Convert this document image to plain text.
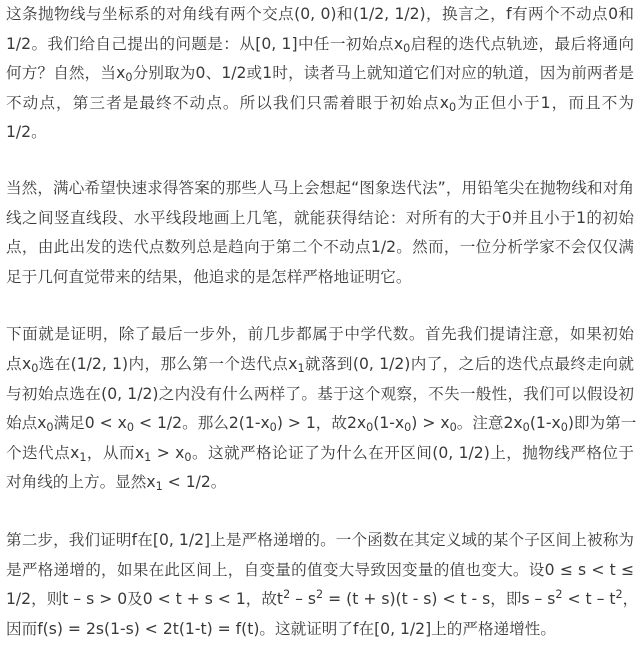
这条抛物线与坐标系的对角线有两个交点(0, 0)和(1/2, 1/2)，换言之，f有两个不动点0和
1/2。我们给自己提出的问题是：从[0, 1]中任一初始点$x_0$启程的迭代点轨迹，最后将通向
何方？自然，当$x_0$分别取为0、1/2或1时，读者马上就知道它们对应的轨道，因为前两者是
不动点，第三者是最终不动点。所以我们只需着眼于初始点$x_0$为正但小于1，而且不为
1/2。
当然，满心希望快速求得答案的那些人马上会想起“图象迭代法”，用铅笔尖在抛物线和对角
线之间竖直线段、水平线段地画上几笔，就能获得结论：对所有的大于0并且小于1的初始
点，由此出发的迭代点数列总是趋向于第二个不动点1/2。然而，一位分析学家不会仅仅满
足于几何直觉带来的结果，他追求的是怎样严格地证明它。
下面就是证明，除了最后一步外，前几步都属于中学代数。首先我们提请注意，如果初始
点$x_0$选在(1/2, 1)内，那么第一个迭代点$x_1$就落到(0, 1/2)内了，之后的迭代点最终走向就
与初始点选在(0, 1/2)之内没有什么两样了。基于这个观察，不失一般性，我们可以假设初
始点$x_0$满足$0 < x_0 < 1/2$。那么$2(1-x_0) > 1$，故$2x_0(1-x_0) > x_0$。注意$2x_0(1-x_0)$即为第一
个迭代点$x_1$，从而$x_1 > x_0$。这就严格论证了为什么在开区间(0, 1/2)上，抛物线严格位于
对角线的上方。显然$x_1 < 1/2$。
第二步，我们证明f在[0, 1/2]上是严格递增的。一个函数在其定义域的某个子区间上被称为
是严格递增的，如果在此区间上，自变量的值变大导致因变量的值也变大。设0 ≤ s < t ≤
1/2，则t – s > 0及0 < t + s < 1，故$t^2 - s^2 = (t + s)(t - s) < t - s$，即$s - s^2 < t - t^2$，
因而f(s) = 2s(1-s) < 2t(1-t) = f(t)。这就证明了f在[0, 1/2]上的严格递增性。
